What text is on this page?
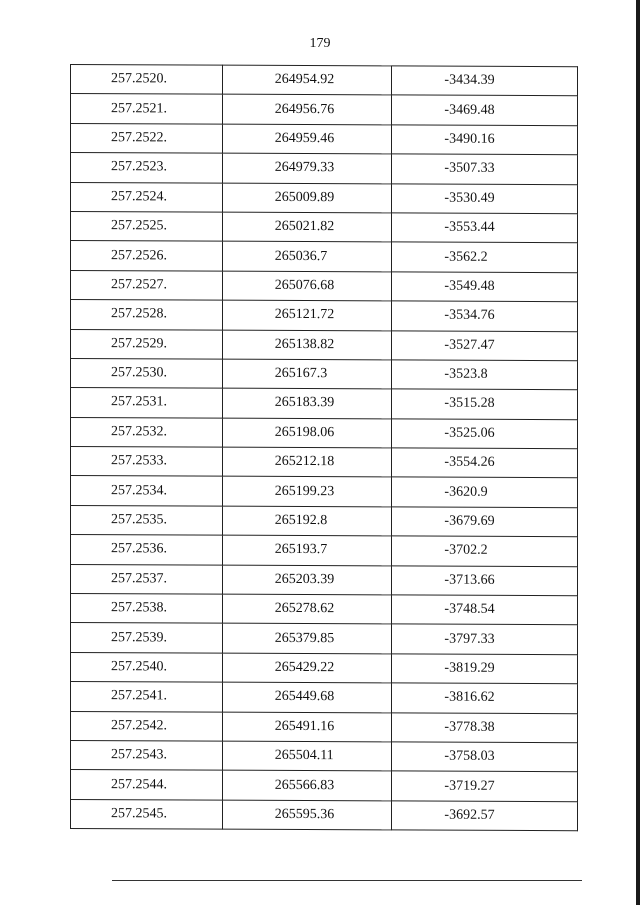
179
257.2520.	264954.92	-3434.39
257.2521.	264956.76	-3469.48
257.2522.	264959.46	-3490.16
257.2523.	264979.33	-3507.33
257.2524.	265009.89	-3530.49
257.2525.	265021.82	-3553.44
257.2526.	265036.7	-3562.2
257.2527.	265076.68	-3549.48
257.2528.	265121.72	-3534.76
257.2529.	265138.82	-3527.47
257.2530.	265167.3	-3523.8
257.2531.	265183.39	-3515.28
257.2532.	265198.06	-3525.06
257.2533.	265212.18	-3554.26
257.2534.	265199.23	-3620.9
257.2535.	265192.8	-3679.69
257.2536.	265193.7	-3702.2
257.2537.	265203.39	-3713.66
257.2538.	265278.62	-3748.54
257.2539.	265379.85	-3797.33
257.2540.	265429.22	-3819.29
257.2541.	265449.68	-3816.62
257.2542.	265491.16	-3778.38
257.2543.	265504.11	-3758.03
257.2544.	265566.83	-3719.27
257.2545.	265595.36	-3692.57
